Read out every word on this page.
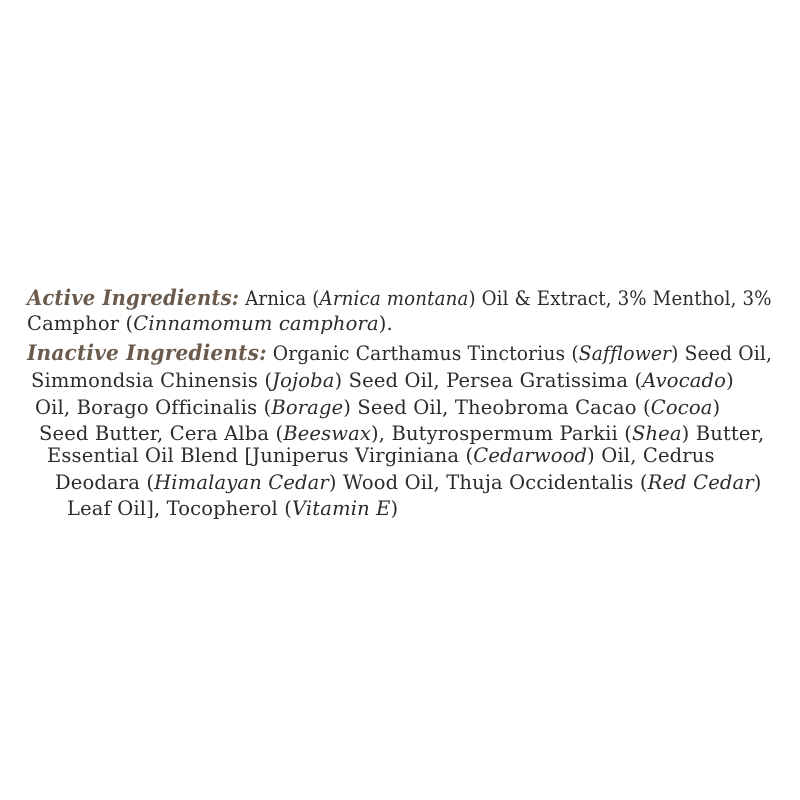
Active Ingredients: Arnica (Arnica montana) Oil & Extract, 3% Menthol, 3%
Camphor (Cinnamomum camphora).
Inactive Ingredients: Organic Carthamus Tinctorius (Safflower) Seed Oil,
Simmondsia Chinensis (Jojoba) Seed Oil, Persea Gratissima (Avocado)
Oil, Borago Officinalis (Borage) Seed Oil, Theobroma Cacao (Cocoa)
Seed Butter, Cera Alba (Beeswax), Butyrospermum Parkii (Shea) Butter,
Essential Oil Blend [Juniperus Virginiana (Cedarwood) Oil, Cedrus
Deodara (Himalayan Cedar) Wood Oil, Thuja Occidentalis (Red Cedar)
Leaf Oil], Tocopherol (Vitamin E)
